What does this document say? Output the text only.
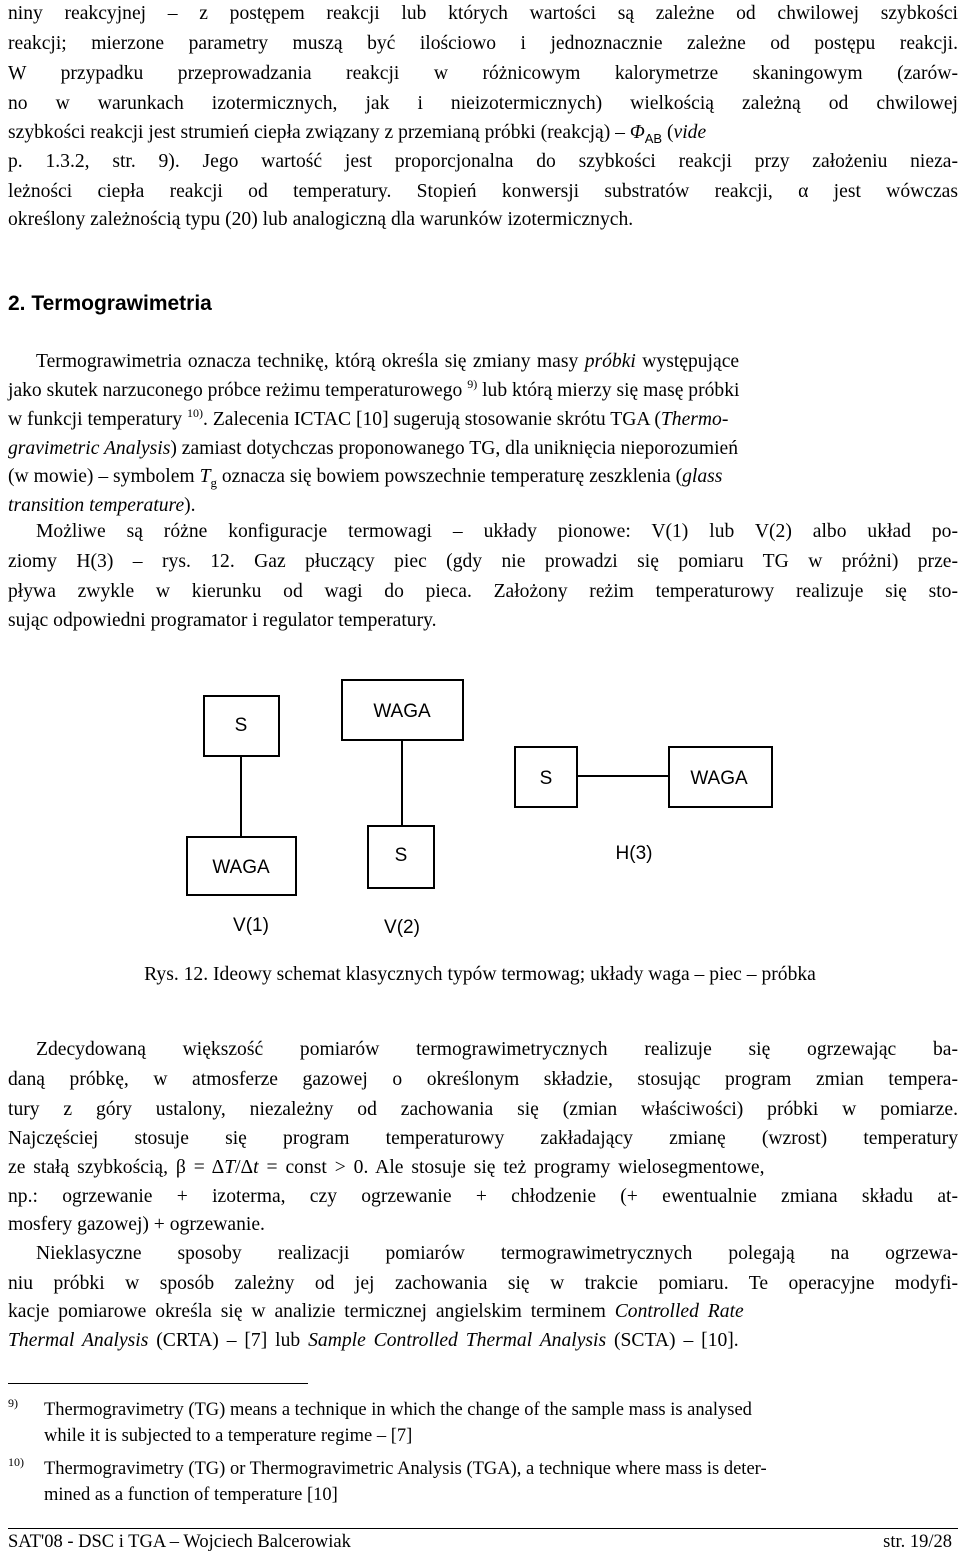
niny reakcyjnej – z postępem reakcji lub których wartości są zależne od chwilowej szybkości
reakcji; mierzone parametry muszą być ilościowo i jednoznacznie zależne od postępu reakcji.
W przypadku przeprowadzania reakcji w różnicowym kalorymetrze skaningowym (zarów-
no w warunkach izotermicznych, jak i nieizotermicznych) wielkością zależną od chwilowej
szybkości reakcji jest strumień ciepła związany z przemianą próbki (reakcją) – $\Phi_{AB}$ (vide
p. 1.3.2, str. 9). Jego wartość jest proporcjonalna do szybkości reakcji przy założeniu nieza-
leżności ciepła reakcji od temperatury. Stopień konwersji substratów reakcji, α jest wówczas
określony zależnością typu (20) lub analogiczną dla warunków izotermicznych.
2. Termograwimetria
Termograwimetria oznacza technikę, którą określa się zmiany masy próbki występujące
jako skutek narzuconego próbce reżimu temperaturowego $^{9)}$ lub którą mierzy się masę próbki
w funkcji temperatury $^{10)}$. Zalecenia ICTAC [10] sugerują stosowanie skrótu TGA (Thermo-
gravimetric Analysis) zamiast dotychczas proponowanego TG, dla uniknięcia nieporozumień
(w mowie) – symbolem $T_g$ oznacza się bowiem powszechnie temperaturę zeszklenia (glass
transition temperature).
Możliwe są różne konfiguracje termowagi – układy pionowe: V(1) lub V(2) albo układ po-
ziomy H(3) – rys. 12. Gaz płuczący piec (gdy nie prowadzi się pomiaru TG w próżni) prze-
pływa zwykle w kierunku od wagi do pieca. Założony reżim temperaturowy realizuje się sto-
sując odpowiedni programator i regulator temperatury.
S
WAGA
WAGA
S
S	WAGA
V(1)	V(2)
H(3)
Rys. 12. Ideowy schemat klasycznych typów termowag; układy waga – piec – próbka
Zdecydowaną większość pomiarów termograwimetrycznych realizuje się ogrzewając ba-
daną próbkę, w atmosferze gazowej o określonym składzie, stosując program zmian tempera-
tury z góry ustalony, niezależny od zachowania się (zmian właściwości) próbki w pomiarze.
Najczęściej stosuje się program temperaturowy zakładający zmianę (wzrost) temperatury
ze stałą szybkością, β = ΔT/Δt = const > 0. Ale stosuje się też programy wielosegmentowe,
np.: ogrzewanie + izoterma, czy ogrzewanie + chłodzenie (+ ewentualnie zmiana składu at-
mosfery gazowej) + ogrzewanie.
Nieklasyczne sposoby realizacji pomiarów termograwimetrycznych polegają na ogrzewa-
niu próbki w sposób zależny od jej zachowania się w trakcie pomiaru. Te operacyjne modyfi-
kacje pomiarowe określa się w analizie termicznej angielskim terminem Controlled Rate
Thermal Analysis (CRTA) – [7] lub Sample Controlled Thermal Analysis (SCTA) – [10].
9) Thermogravimetry (TG) means a technique in which the change of the sample mass is analysed
while it is subjected to a temperature regime – [7]
10) Thermogravimetry (TG) or Thermogravimetric Analysis (TGA), a technique where mass is deter-
mined as a function of temperature [10]
SAT'08 - DSC i TGA – Wojciech Balcerowiak	str. 19/28
